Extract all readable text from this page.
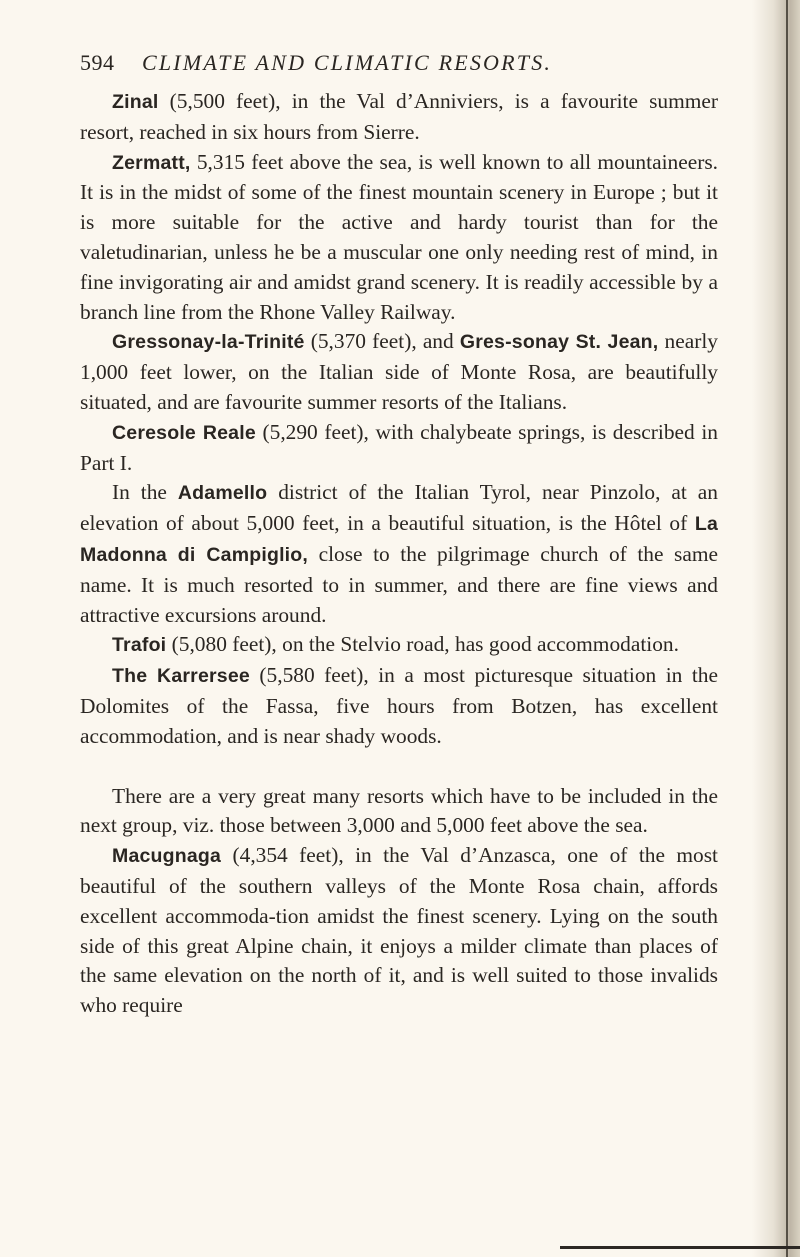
594 CLIMATE AND CLIMATIC RESORTS.

Zinal (5,500 feet), in the Val d’Anniviers, is a favourite summer resort, reached in six hours from Sierre.

Zermatt, 5,315 feet above the sea, is well known to all mountaineers. It is in the midst of some of the finest mountain scenery in Europe ; but it is more suitable for the active and hardy tourist than for the valetudinarian, unless he be a muscular one only needing rest of mind, in fine invigorating air and amidst grand scenery. It is readily accessible by a branch line from the Rhone Valley Railway.

Gressonay-la-Trinité (5,370 feet), and Gres-sonay St. Jean, nearly 1,000 feet lower, on the Italian side of Monte Rosa, are beautifully situated, and are favourite summer resorts of the Italians.

Ceresole Reale (5,290 feet), with chalybeate springs, is described in Part I.

In the Adamello district of the Italian Tyrol, near Pinzolo, at an elevation of about 5,000 feet, in a beautiful situation, is the Hôtel of La Madonna di Campiglio, close to the pilgrimage church of the same name. It is much resorted to in summer, and there are fine views and attractive excursions around.

Trafoi (5,080 feet), on the Stelvio road, has good accommodation.

The Karrersee (5,580 feet), in a most picturesque situation in the Dolomites of the Fassa, five hours from Botzen, has excellent accommodation, and is near shady woods.

There are a very great many resorts which have to be included in the next group, viz. those between 3,000 and 5,000 feet above the sea.

Macugnaga (4,354 feet), in the Val d’Anzasca, one of the most beautiful of the southern valleys of the Monte Rosa chain, affords excellent accommoda-tion amidst the finest scenery. Lying on the south side of this great Alpine chain, it enjoys a milder climate than places of the same elevation on the north of it, and is well suited to those invalids who require
